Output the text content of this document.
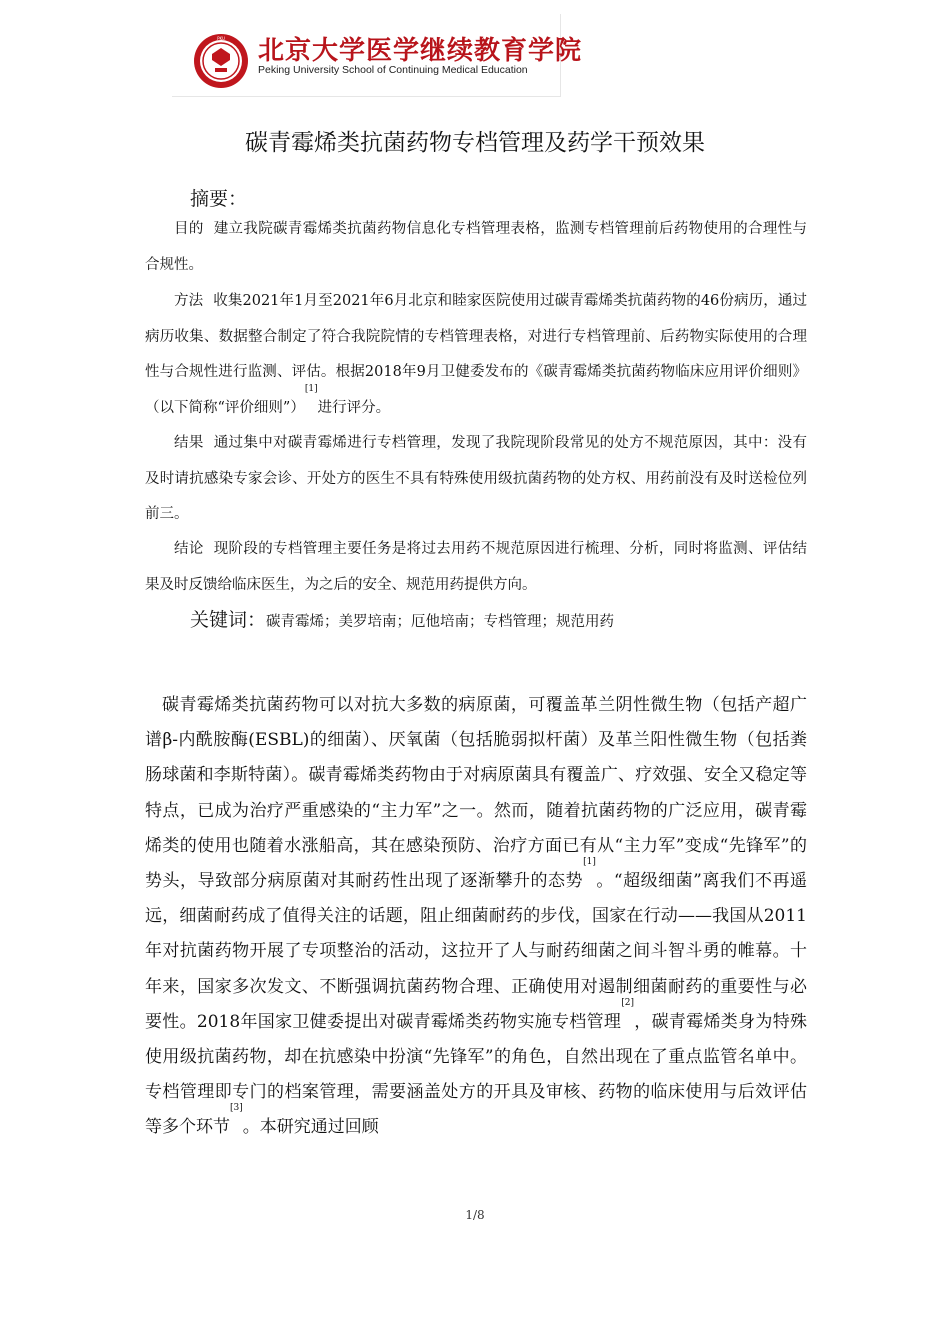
PKU 北京大学医学继续教育学院
Peking University School of Continuing Medical Education
碳青霉烯类抗菌药物专档管理及药学干预效果
摘要：

目的 建立我院碳青霉烯类抗菌药物信息化专档管理表格，监测专档管理前后药物使用的合理性与合规性。

方法 收集2021年1月至2021年6月北京和睦家医院使用过碳青霉烯类抗菌药物的46份病历，通过病历收集、数据整合制定了符合我院院情的专档管理表格，对进行专档管理前、后药物实际使用的合理性与合规性进行监测、评估。根据2018年9月卫健委发布的《碳青霉烯类抗菌药物临床应用评价细则》（以下简称“评价细则”）[1]进行评分。

结果 通过集中对碳青霉烯进行专档管理，发现了我院现阶段常见的处方不规范原因，其中：没有及时请抗感染专家会诊、开处方的医生不具有特殊使用级抗菌药物的处方权、用药前没有及时送检位列前三。

结论 现阶段的专档管理主要任务是将过去用药不规范原因进行梳理、分析，同时将监测、评估结果及时反馈给临床医生，为之后的安全、规范用药提供方向。

关键词：碳青霉烯；美罗培南；厄他培南；专档管理；规范用药

碳青霉烯类抗菌药物可以对抗大多数的病原菌，可覆盖革兰阴性微生物（包括产超广谱β-内酰胺酶(ESBL)的细菌）、厌氧菌（包括脆弱拟杆菌）及革兰阳性微生物（包括粪肠球菌和李斯特菌）。碳青霉烯类药物由于对病原菌具有覆盖广、疗效强、安全又稳定等特点，已成为治疗严重感染的“主力军”之一。然而，随着抗菌药物的广泛应用，碳青霉烯类的使用也随着水涨船高，其在感染预防、治疗方面已有从“主力军”变成“先锋军”的势头，导致部分病原菌对其耐药性出现了逐渐攀升的态势[1]。“超级细菌”离我们不再遥远，细菌耐药成了值得关注的话题，阻止细菌耐药的步伐，国家在行动——我国从2011年对抗菌药物开展了专项整治的活动，这拉开了人与耐药细菌之间斗智斗勇的帷幕。十年来，国家多次发文、不断强调抗菌药物合理、正确使用对遏制细菌耐药的重要性与必要性。2018年国家卫健委提出对碳青霉烯类药物实施专档管理[2]，碳青霉烯类身为特殊使用级抗菌药物，却在抗感染中扮演“先锋军”的角色，自然出现在了重点监管名单中。专档管理即专门的档案管理，需要涵盖处方的开具及审核、药物的临床使用与后效评估等多个环节[3]。本研究通过回顾

1/8
